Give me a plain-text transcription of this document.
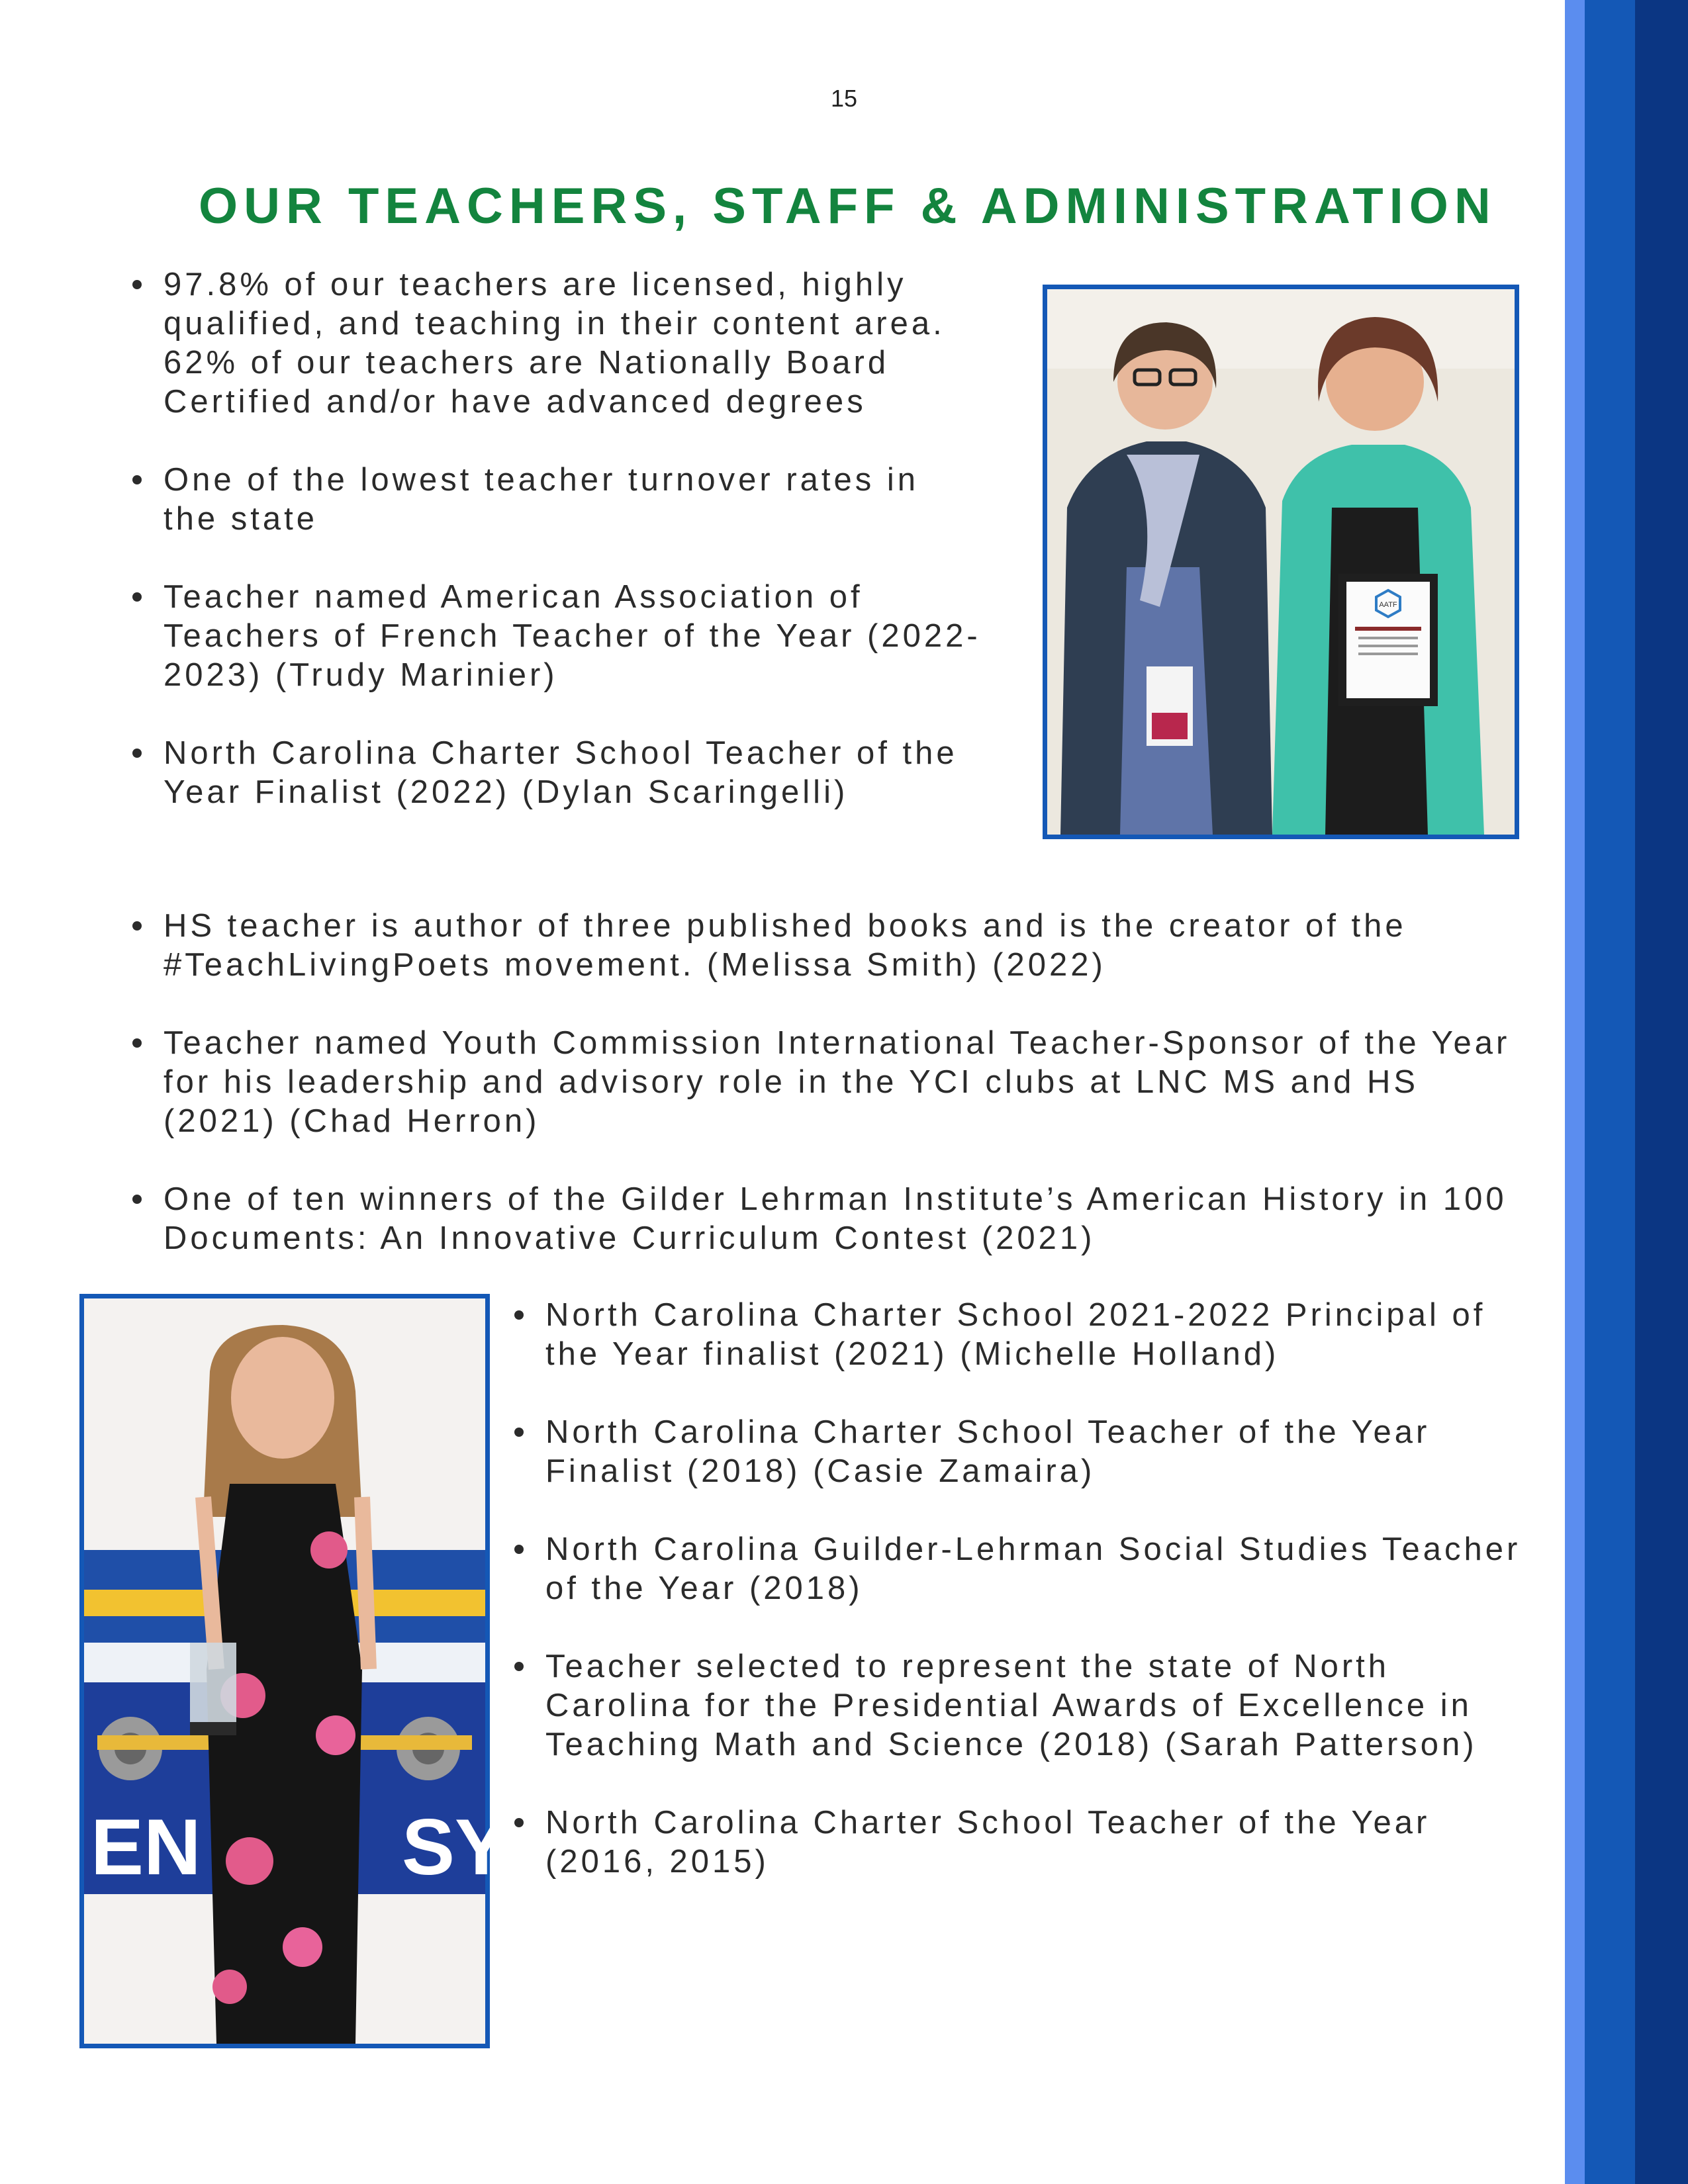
15
OUR TEACHERS, STAFF & ADMINISTRATION
97.8% of our teachers are licensed, highly qualified, and teaching in their content area. 62% of our teachers are Nationally Board Certified and/or have advanced degrees
One of the lowest teacher turnover rates in the state
Teacher named American Association of Teachers of French Teacher of the Year (2022-2023) (Trudy Marinier)
North Carolina Charter School Teacher of the Year Finalist (2022) (Dylan Scaringelli)
AATF
HS teacher is author of three published books and is the creator of the #TeachLivingPoets movement. (Melissa Smith) (2022)
Teacher named Youth Commission International Teacher-Sponsor of the Year for his leadership and advisory role in the YCI clubs at LNC MS and HS (2021) (Chad Herron)
One of ten winners of the Gilder Lehrman Institute’s American History in 100 Documents: An Innovative Curriculum Contest (2021)
EN	SY
North Carolina Charter School 2021-2022 Principal of the Year finalist (2021) (Michelle Holland)
North Carolina Charter School Teacher of the Year Finalist (2018) (Casie Zamaira)
North Carolina Guilder-Lehrman Social Studies Teacher of the Year (2018)
Teacher selected to represent the state of North Carolina for the Presidential Awards of Excellence in Teaching Math and Science (2018) (Sarah Patterson)
North Carolina Charter School Teacher of the Year (2016, 2015)
